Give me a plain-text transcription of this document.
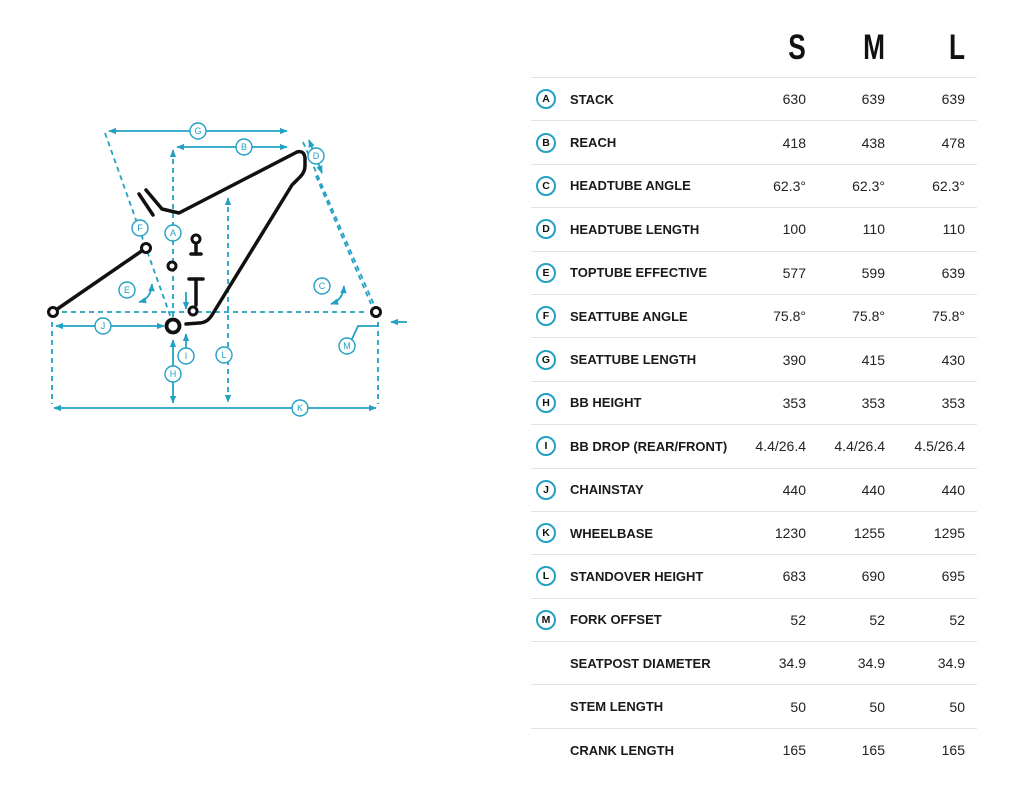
A
B
C
D
E
F
G
H
I
J
K
L
M
S M L
A	STACK	630	639	639
B	REACH	418	438	478
C	HEADTUBE ANGLE	62.3°	62.3°	62.3°
D	HEADTUBE LENGTH	100	110	110
E	TOPTUBE EFFECTIVE	577	599	639
F	SEATTUBE ANGLE	75.8°	75.8°	75.8°
G	SEATTUBE LENGTH	390	415	430
H	BB HEIGHT	353	353	353
I	BB DROP (REAR/FRONT) 4.4/26.4 4.4/26.4 4.5/26.4
J	CHAINSTAY	440	440	440
K	WHEELBASE	1230	1255	1295
L	STANDOVER HEIGHT	683	690	695
M	FORK OFFSET	52	52	52
SEATPOST DIAMETER	34.9	34.9	34.9
STEM LENGTH	50	50	50
CRANK LENGTH	165	165	165
